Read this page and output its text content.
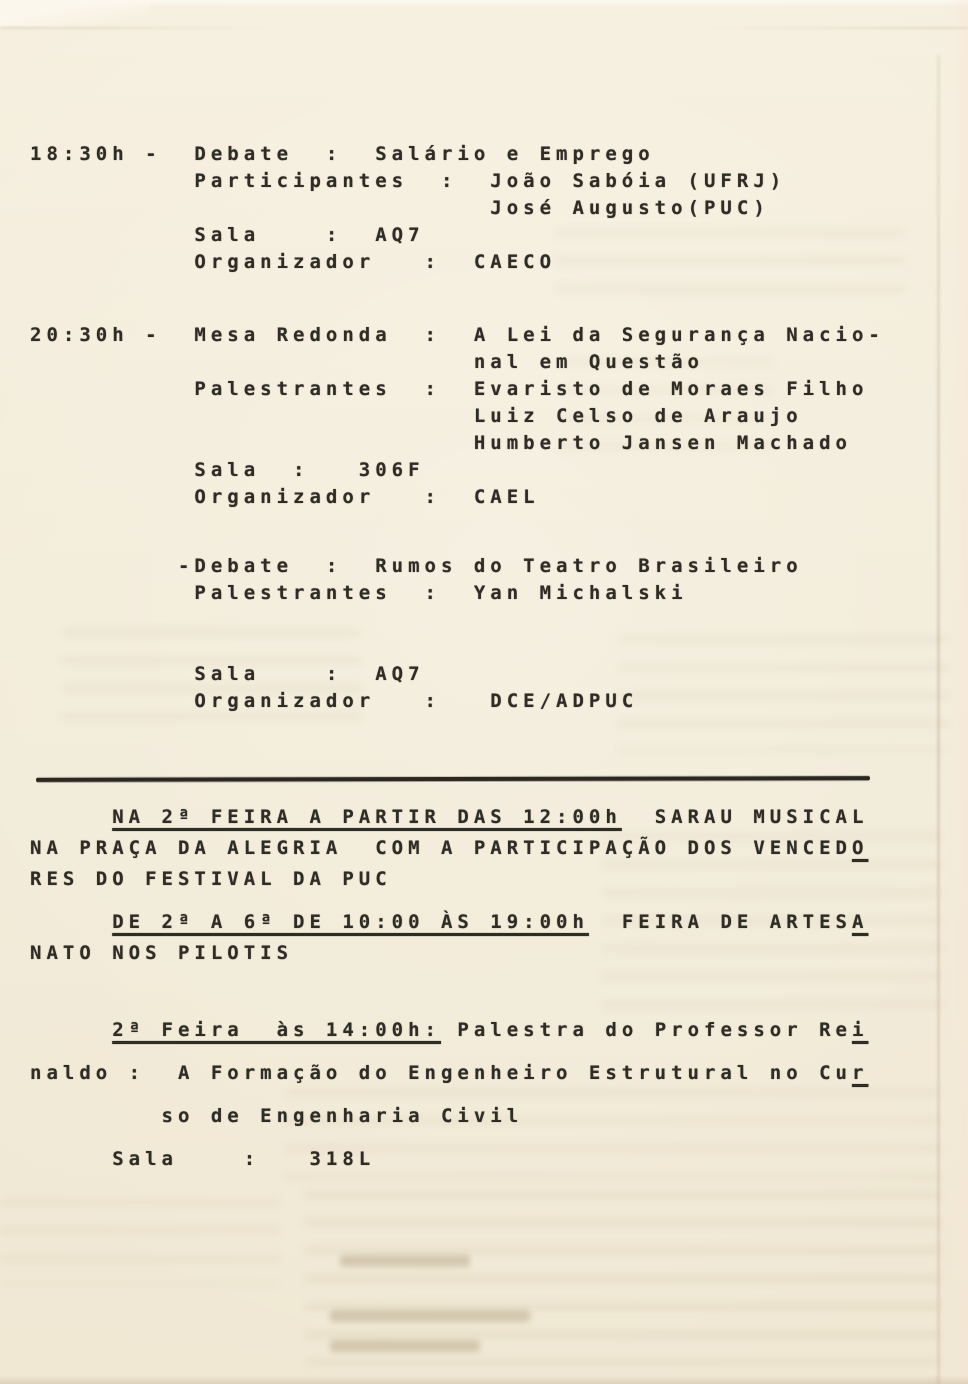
18:30h -  Debate  :  Salário e Emprego
Participantes  :  João Sabóia (UFRJ)
José Augusto(PUC)
Sala    :  AQ7
Organizador   :  CAECO
20:30h -  Mesa Redonda  :  A Lei da Segurança Nacio-
nal em Questão
Palestrantes  :  Evaristo de Moraes Filho
Luiz Celso de Araujo
Humberto Jansen Machado
Sala  :   306F
Organizador   :  CAEL
-Debate  :  Rumos do Teatro Brasileiro
Palestrantes  :  Yan Michalski
Sala    :  AQ7
Organizador   :   DCE/ADPUC
NA 2ª FEIRA A PARTIR DAS 12:00h  SARAU MUSICAL
NA PRAÇA DA ALEGRIA  COM A PARTICIPAÇÃO DOS VENCEDO
RES DO FESTIVAL DA PUC
DE 2ª A 6ª DE 10:00 ÀS 19:00h  FEIRA DE ARTESA
NATO NOS PILOTIS
2ª Feira  às 14:00h: Palestra do Professor Rei
naldo :  A Formação do Engenheiro Estrutural no Cur
so de Engenharia Civil
Sala    :   318L
